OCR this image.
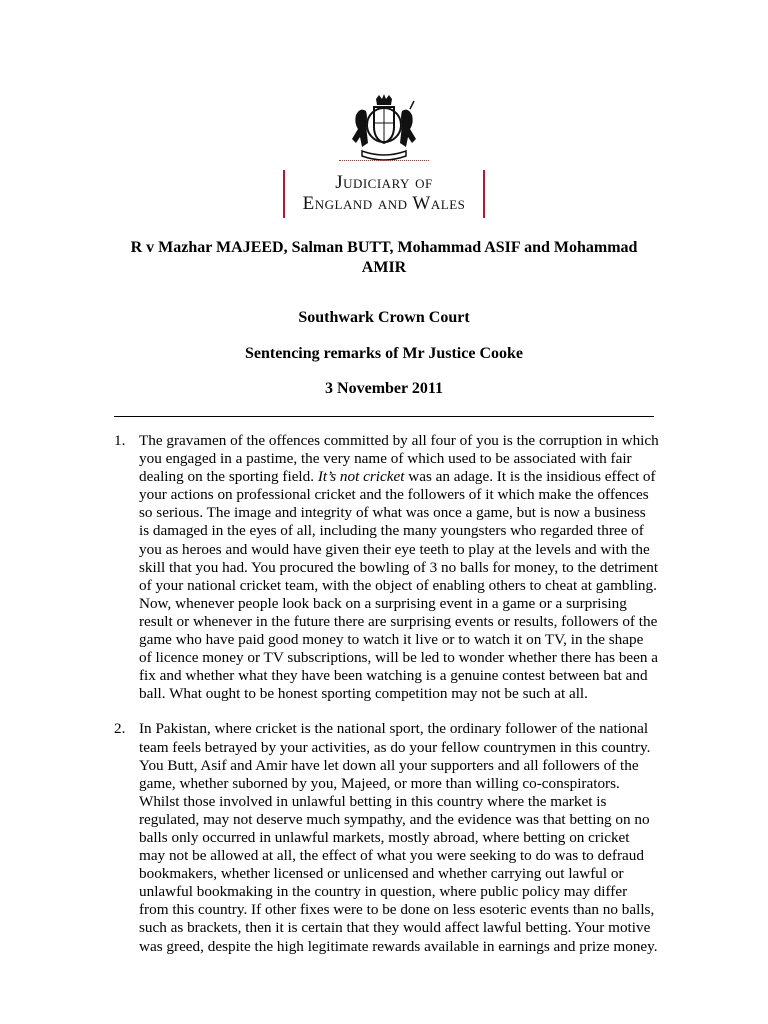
Judiciary of
England and Wales
R v Mazhar MAJEED, Salman BUTT, Mohammad ASIF and Mohammad AMIR
Southwark Crown Court
Sentencing remarks of Mr Justice Cooke
3 November 2011
1. The gravamen of the offences committed by all four of you is the corruption in which you engaged in a pastime, the very name of which used to be associated with fair dealing on the sporting field. It’s not cricket was an adage. It is the insidious effect of your actions on professional cricket and the followers of it which make the offences so serious. The image and integrity of what was once a game, but is now a business is damaged in the eyes of all, including the many youngsters who regarded three of you as heroes and would have given their eye teeth to play at the levels and with the skill that you had. You procured the bowling of 3 no balls for money, to the detriment of your national cricket team, with the object of enabling others to cheat at gambling. Now, whenever people look back on a surprising event in a game or a surprising result or whenever in the future there are surprising events or results, followers of the game who have paid good money to watch it live or to watch it on TV, in the shape of licence money or TV subscriptions, will be led to wonder whether there has been a fix and whether what they have been watching is a genuine contest between bat and ball. What ought to be honest sporting competition may not be such at all.
2. In Pakistan, where cricket is the national sport, the ordinary follower of the national team feels betrayed by your activities, as do your fellow countrymen in this country. You Butt, Asif and Amir have let down all your supporters and all followers of the game, whether suborned by you, Majeed, or more than willing co-conspirators. Whilst those involved in unlawful betting in this country where the market is regulated, may not deserve much sympathy, and the evidence was that betting on no balls only occurred in unlawful markets, mostly abroad, where betting on cricket may not be allowed at all, the effect of what you were seeking to do was to defraud bookmakers, whether licensed or unlicensed and whether carrying out lawful or unlawful bookmaking in the country in question, where public policy may differ from this country. If other fixes were to be done on less esoteric events than no balls, such as brackets, then it is certain that they would affect lawful betting. Your motive was greed, despite the high legitimate rewards available in earnings and prize money.
